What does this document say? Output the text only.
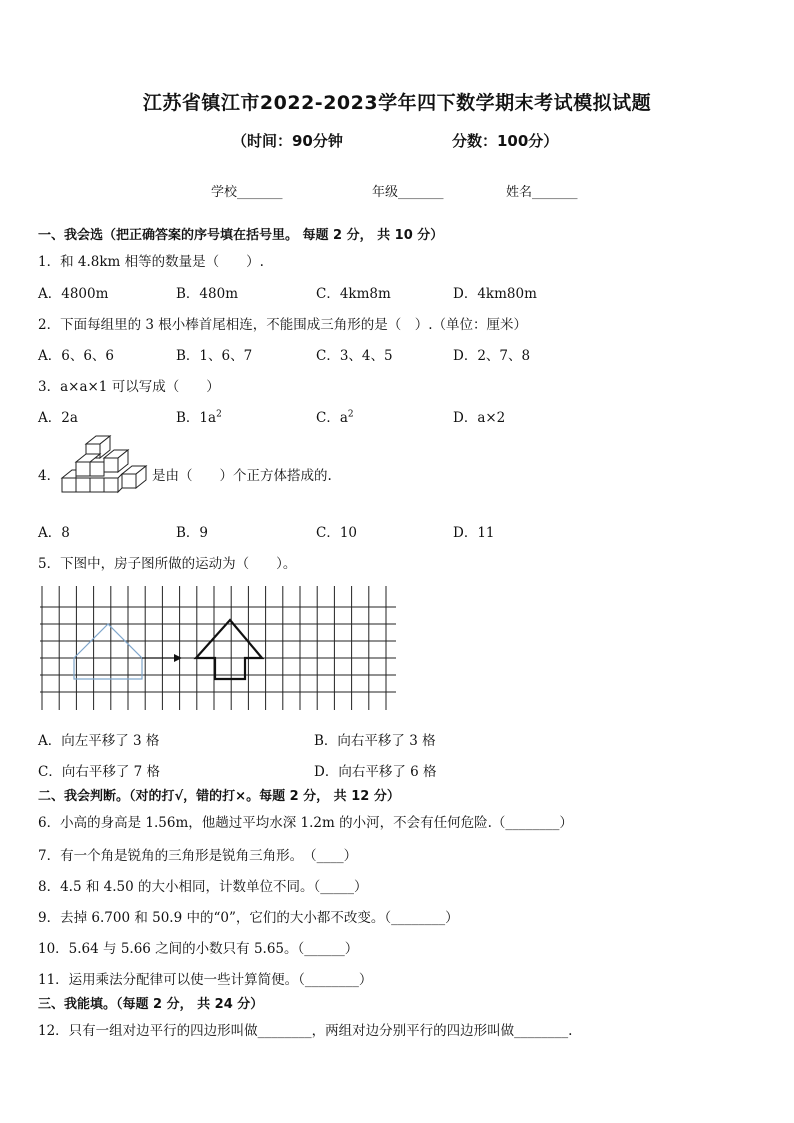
江苏省镇江市2022-2023学年四下数学期末考试模拟试题
（时间：90分钟	分数：100分）
学校_______	年级_______	姓名_______
一、我会选（把正确答案的序号填在括号里。 每题 2 分， 共 10 分）
1．和 4.8km 相等的数量是（　　）.
A．4800m	B．480m	C．4km8m	D．4km80m
2．下面每组里的 3 根小棒首尾相连，不能围成三角形的是（　）.（单位：厘米）
A．6、6、6	B．1、6、7	C．3、4、5	D．2、7、8
3．a×a×1 可以写成（　　）
A．2a	B．$1a^2$	C．$a^2$	D．a×2
4．	是由（　　）个正方体搭成的.
A．8	B．9	C．10	D．11
5．下图中，房子图所做的运动为（　　）。
A．向左平移了 3 格	B．向右平移了 3 格
C．向右平移了 7 格	D．向右平移了 6 格
二、我会判断。（对的打√，错的打×。每题 2 分， 共 12 分）
6．小高的身高是 1.56m，他趟过平均水深 1.2m 的小河，不会有任何危险.（________）
7．有一个角是锐角的三角形是锐角三角形。　（____）
8．4.5 和 4.50 的大小相同，计数单位不同。（_____）
9．去掉 6.700 和 50.9 中的“0”，它们的大小都不改变。（________）
10．5.64 与 5.66 之间的小数只有 5.65。（______）
11．运用乘法分配律可以使一些计算简便。（________）
三、我能填。（每题 2 分， 共 24 分）
12．只有一组对边平行的四边形叫做________，两组对边分别平行的四边形叫做________.
